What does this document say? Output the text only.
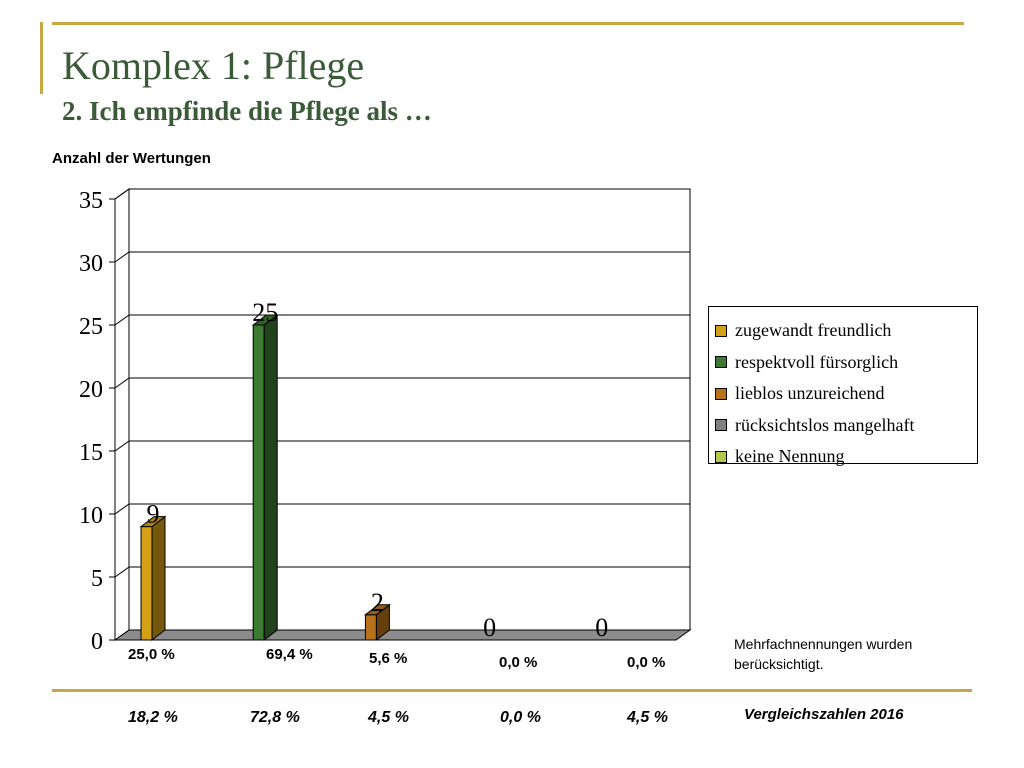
Komplex 1: Pflege
2. Ich empfinde die Pflege als …
Anzahl der Wertungen
0
5
10
15
20
25
30
35
9
25
2
0	0
zugewandt freundlich
respektvoll fürsorglich
lieblos unzureichend
rücksichtslos mangelhaft
keine Nennung
Mehrfachnennungen wurden berücksichtigt.
25,0 %	69,4 %	5,6 %	0,0 %	0,0 %
18,2 %	72,8 %	4,5 %	0,0 %	4,5 %	Vergleichszahlen 2016
